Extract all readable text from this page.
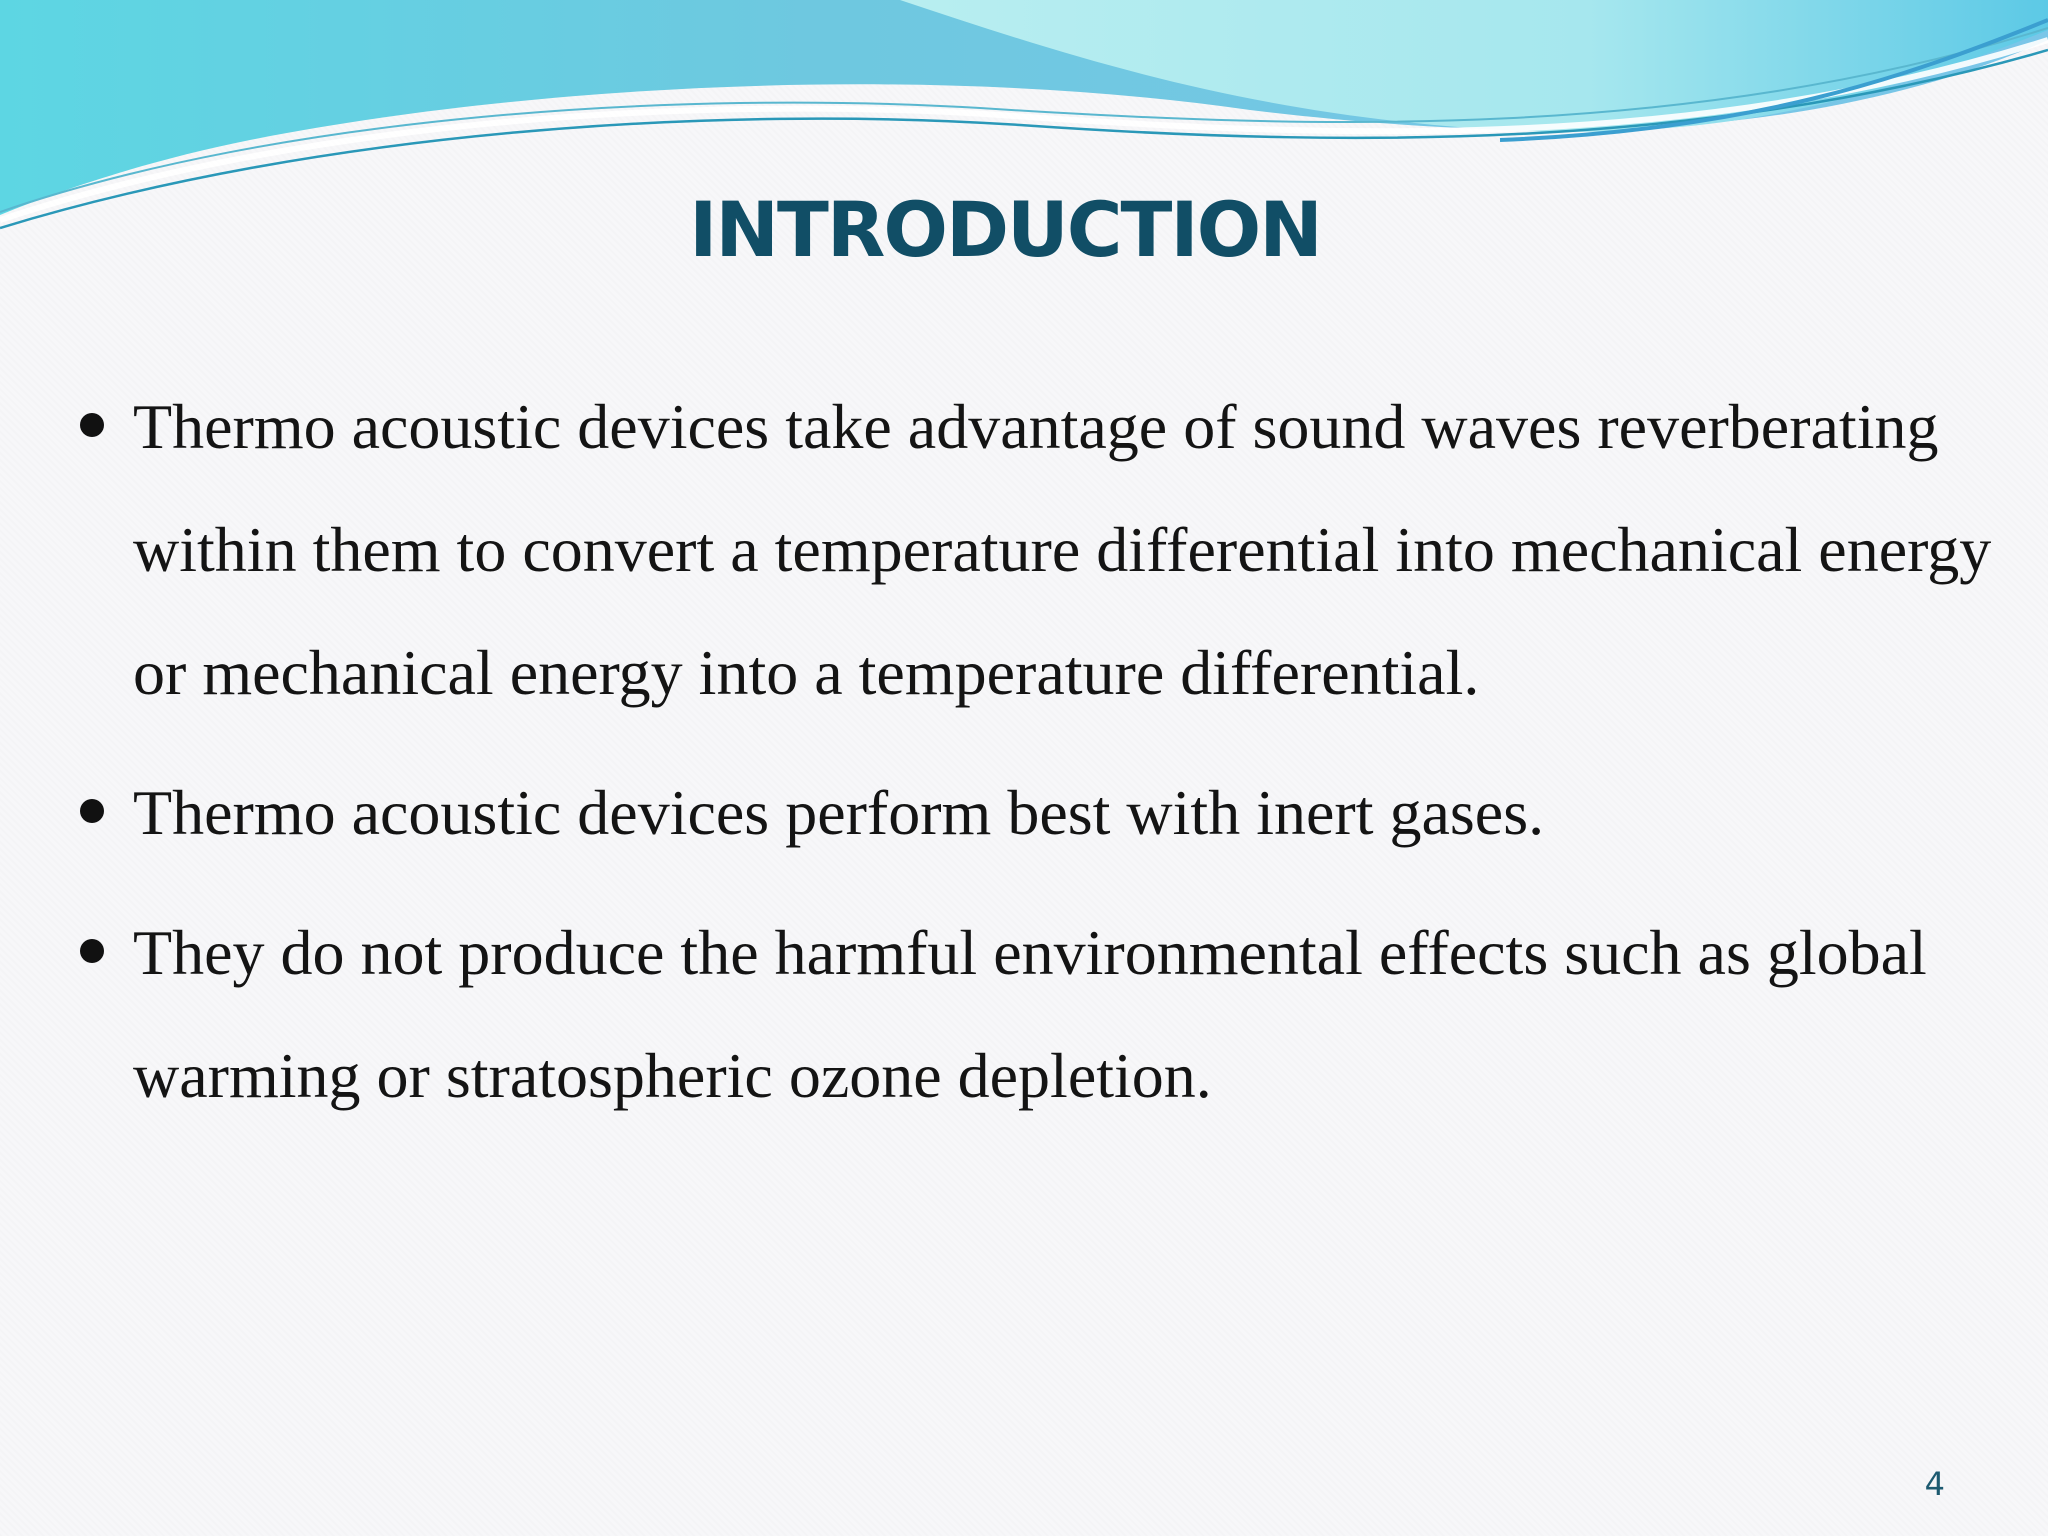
INTRODUCTION
Thermo acoustic devices take advantage of sound waves reverberating within them to convert a temperature differential into mechanical energy or mechanical energy into a temperature differential.
Thermo acoustic devices perform best with inert gases.
They do not produce the harmful environmental effects such as global warming or stratospheric ozone depletion.
4
